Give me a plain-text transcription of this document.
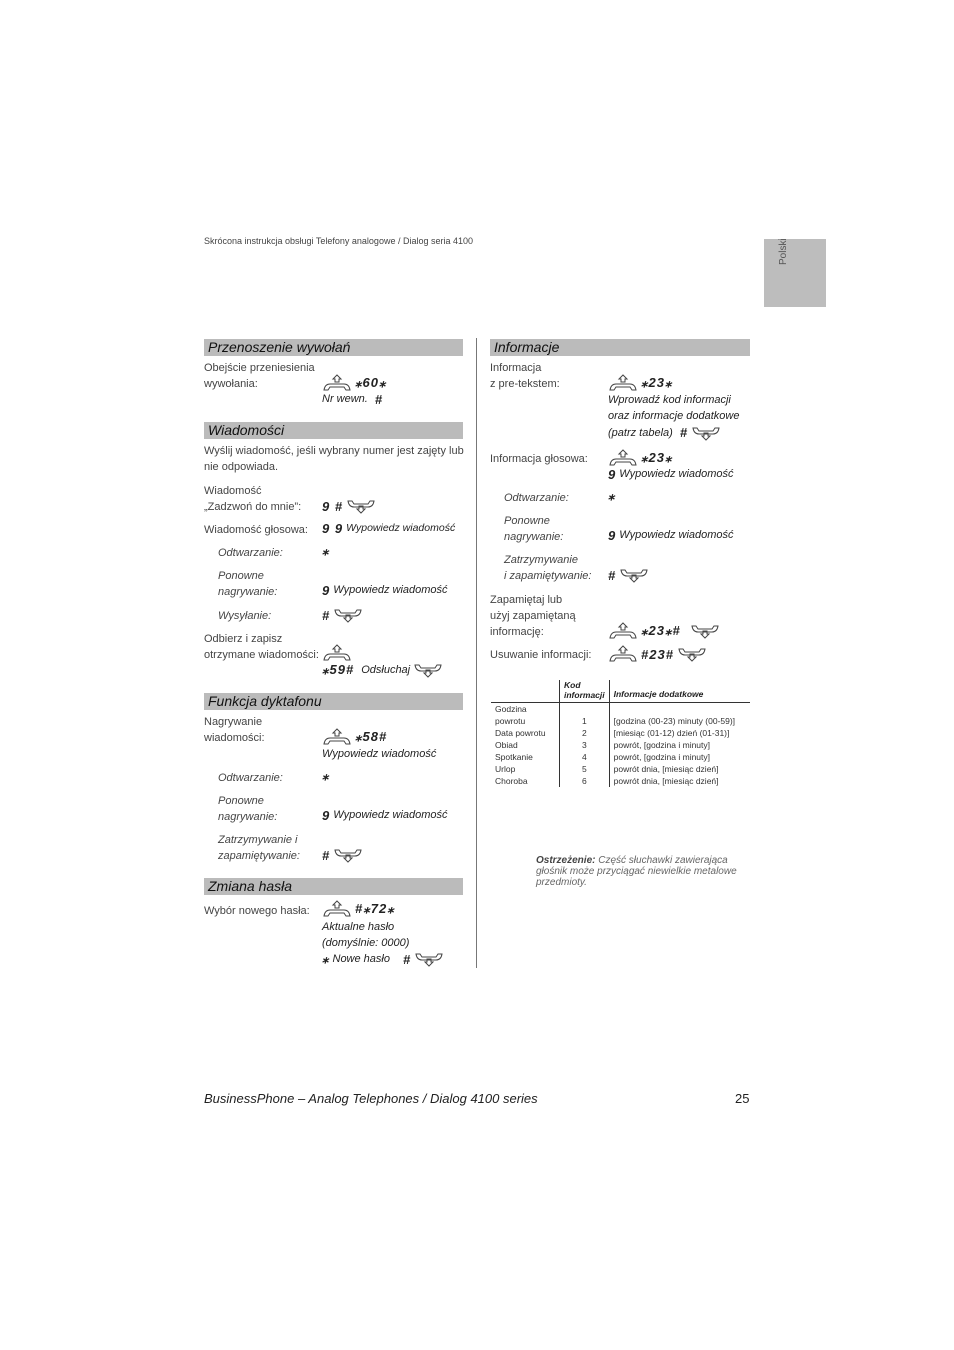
Skrócona instrukcja obsługi Telefony analogowe / Dialog seria 4100	Polski
Przenoszenie wywołań
Obejście przeniesienia
wywołania:	⁎60⁎
Nr wewn. #
Wiadomości
Wyślij wiadomość, jeśli wybrany numer jest zajęty lub
nie odpowiada.
Wiadomość
„Zadzwoń do mnie”: 9 #
Wiadomość głosowa: 9 9 Wypowiedz wiadomość
Odtwarzanie:	⁎
Ponowne
nagrywanie:	9 Wypowiedz wiadomość
Wysyłanie:	#
Odbierz i zapisz
otrzymane wiadomości:
⁎59# Odsłuchaj
Funkcja dyktafonu
Nagrywanie
wiadomości:	⁎58#
Wypowiedz wiadomość
Odtwarzanie:	⁎
Ponowne
nagrywanie:	9 Wypowiedz wiadomość
Zatrzymywanie i
zapamiętywanie: #
Zmiana hasła
Wybór nowego hasła:	#⁎72⁎
Aktualne hasło
(domyślnie: 0000)
⁎ Nowe hasło #
Informacje
Informacja
z pre-tekstem:	⁎23⁎
Wprowadź kod informacji
oraz informacje dodatkowe
(patrz tabela) #
Informacja głosowa:	⁎23⁎
9 Wypowiedz wiadomość
Odtwarzanie:	⁎
Ponowne
nagrywanie:	9 Wypowiedz wiadomość
Zatrzymywanie
i zapamiętywanie: #
Zapamiętaj lub
użyj zapamiętaną
informację:	⁎23⁎#
Usuwanie informacji:	#23#

	Kod
informacji	Informacje dodatkowe
Godzina		
powrotu	1	[godzina (00-23) minuty (00-59)]
Data powrotu	2	[miesiąc (01-12) dzień (01-31)]
Obiad	3	powrót, [godzina i minuty]
Spotkanie	4	powrót, [godzina i minuty]
Urlop	5	powrót dnia, [miesiąc dzień]
Choroba	6	powrót dnia, [miesiąc dzień]
Ostrzeżenie: Część słuchawki zawierająca
głośnik może przyciągać niewielkie metalowe
przedmioty.
BusinessPhone – Analog Telephones / Dialog 4100 series	25
